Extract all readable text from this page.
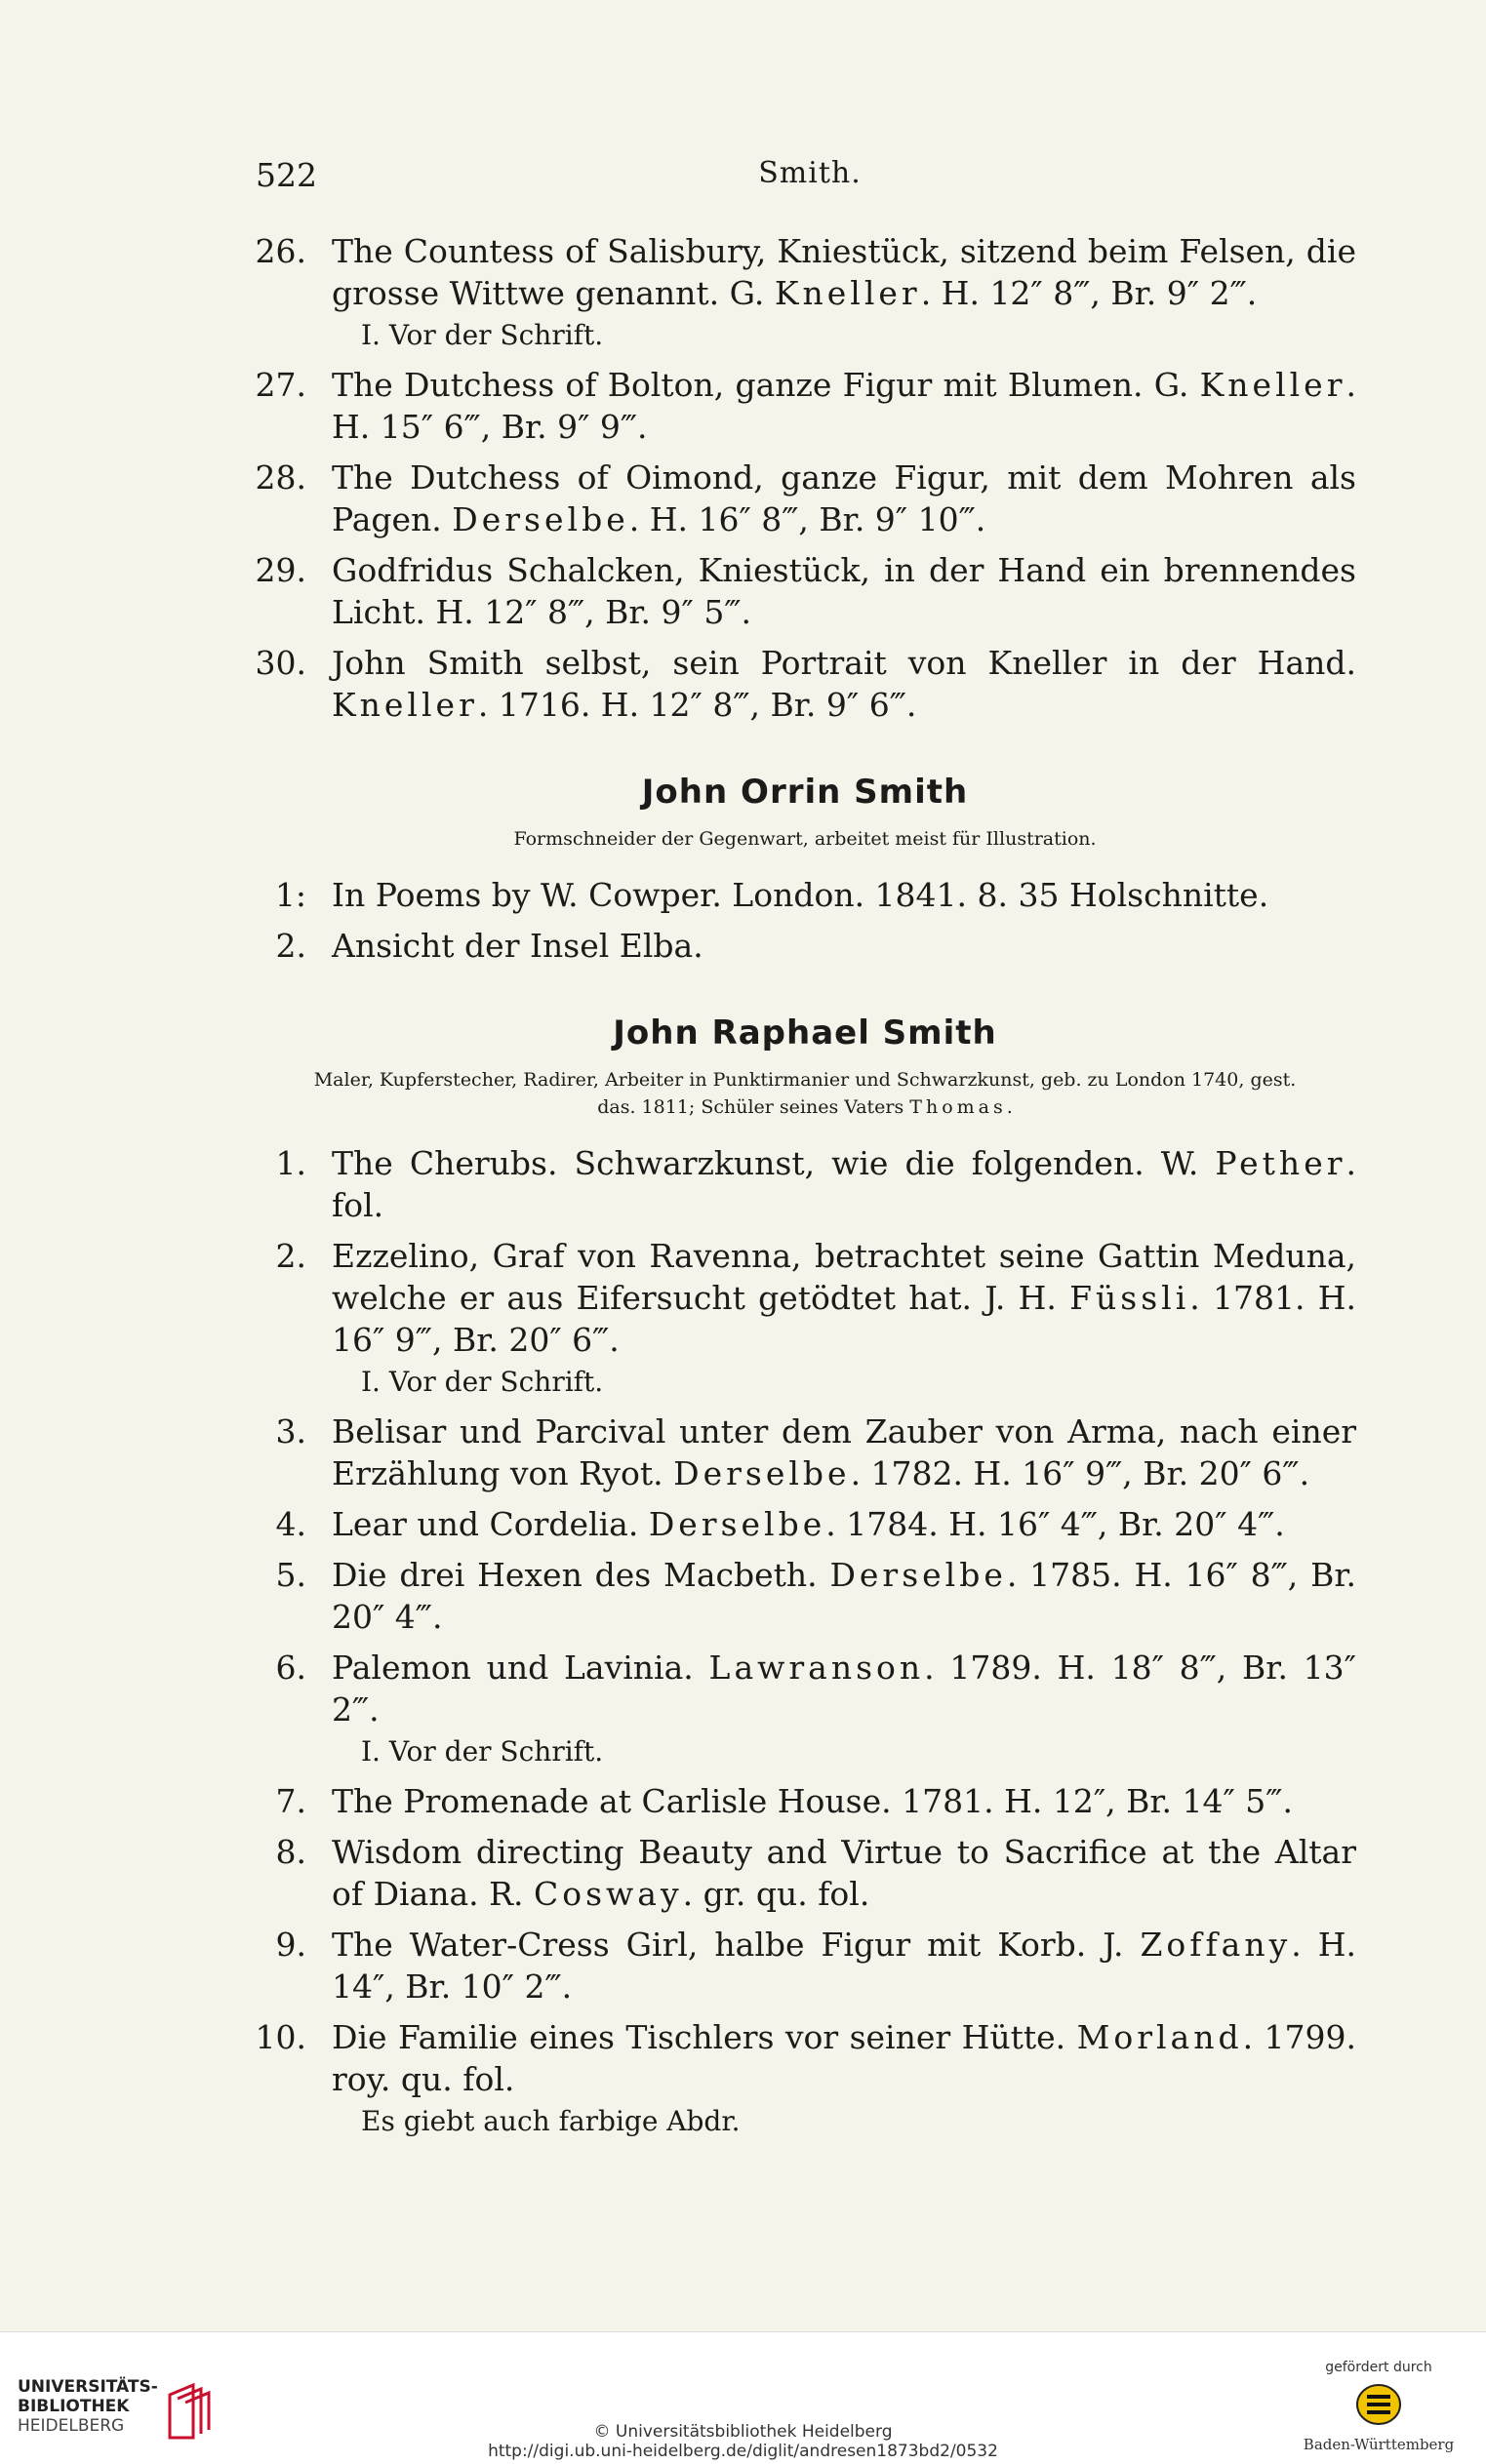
522	Smith.
26. The Countess of Salisbury, Kniestück, sitzend beim Felsen, die grosse Wittwe genannt. G. Kneller. H. 12″ 8‴, Br. 9″ 2‴.
I. Vor der Schrift.
27. The Dutchess of Bolton, ganze Figur mit Blumen. G. Kneller. H. 15″ 6‴, Br. 9″ 9‴.
28. The Dutchess of Oimond, ganze Figur, mit dem Mohren als Pagen. Derselbe. H. 16″ 8‴, Br. 9″ 10‴.
29. Godfridus Schalcken, Kniestück, in der Hand ein brennendes Licht. H. 12″ 8‴, Br. 9″ 5‴.
30. John Smith selbst, sein Portrait von Kneller in der Hand. Kneller. 1716. H. 12″ 8‴, Br. 9″ 6‴.
John Orrin Smith
Formschneider der Gegenwart, arbeitet meist für Illustration.
1: In Poems by W. Cowper. London. 1841. 8. 35 Holschnitte.
2. Ansicht der Insel Elba.
John Raphael Smith
Maler, Kupferstecher, Radirer, Arbeiter in Punktirmanier und Schwarzkunst, geb. zu London 1740, gest. das. 1811; Schüler seines Vaters Thomas.
1. The Cherubs. Schwarzkunst, wie die folgenden. W. Pether. fol.
2. Ezzelino, Graf von Ravenna, betrachtet seine Gattin Meduna, welche er aus Eifersucht getödtet hat. J. H. Füssli. 1781. H. 16″ 9‴, Br. 20″ 6‴.
I. Vor der Schrift.
3. Belisar und Parcival unter dem Zauber von Arma, nach einer Erzählung von Ryot. Derselbe. 1782. H. 16″ 9‴, Br. 20″ 6‴.
4. Lear und Cordelia. Derselbe. 1784. H. 16″ 4‴, Br. 20″ 4‴.
5. Die drei Hexen des Macbeth. Derselbe. 1785. H. 16″ 8‴, Br. 20″ 4‴.
6. Palemon und Lavinia. Lawranson. 1789. H. 18″ 8‴, Br. 13″ 2‴.
I. Vor der Schrift.
7. The Promenade at Carlisle House. 1781. H. 12″, Br. 14″ 5‴.
8. Wisdom directing Beauty and Virtue to Sacrifice at the Altar of Diana. R. Cosway. gr. qu. fol.
9. The Water-Cress Girl, halbe Figur mit Korb. J. Zoffany. H. 14″, Br. 10″ 2‴.
10. Die Familie eines Tischlers vor seiner Hütte. Morland. 1799. roy. qu. fol.
Es giebt auch farbige Abdr.
UNIVERSITÄTS-
BIBLIOTHEK
HEIDELBERG	© Universitätsbibliothek Heidelberg
http://digi.ub.uni-heidelberg.de/diglit/andresen1873bd2/0532
gefördert durch
Baden-Württemberg
